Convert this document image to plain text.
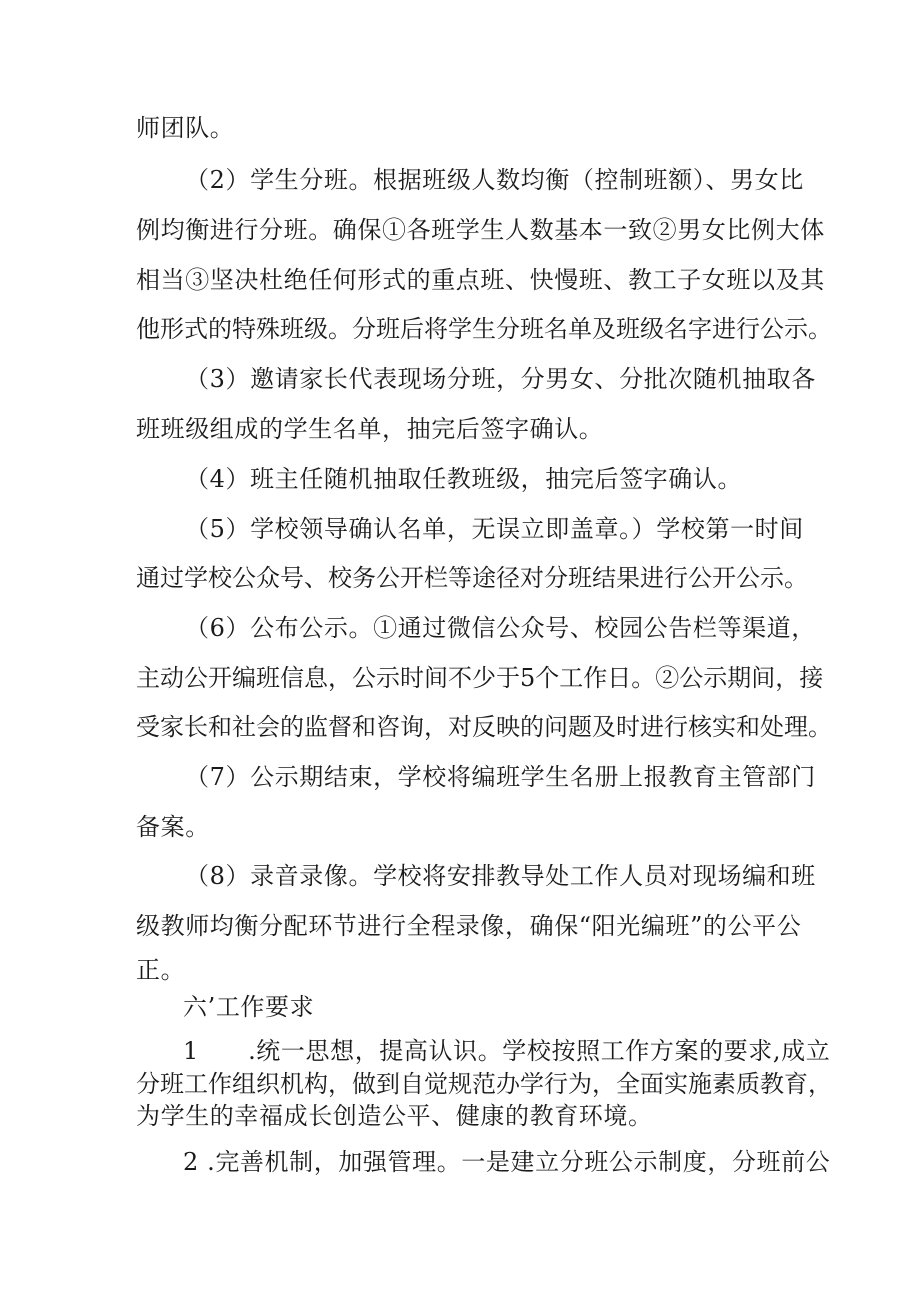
师团队。
（2）学生分班。根据班级人数均衡（控制班额）、男女比
例均衡进行分班。确保①各班学生人数基本一致②男女比例大体
相当③坚决杜绝任何形式的重点班、快慢班、教工子女班以及其
他形式的特殊班级。分班后将学生分班名单及班级名字进行公示。
（3）邀请家长代表现场分班，分男女、分批次随机抽取各
班班级组成的学生名单，抽完后签字确认。
（4）班主任随机抽取任教班级，抽完后签字确认。
（5）学校领导确认名单，无误立即盖章。）学校第一时间
通过学校公众号、校务公开栏等途径对分班结果进行公开公示。
（6）公布公示。①通过微信公众号、校园公告栏等渠道，
主动公开编班信息，公示时间不少于5个工作日。②公示期间，接
受家长和社会的监督和咨询，对反映的问题及时进行核实和处理。
（7）公示期结束，学校将编班学生名册上报教育主管部门
备案。
（8）录音录像。学校将安排教导处工作人员对现场编和班
级教师均衡分配环节进行全程录像，确保“阳光编班”的公平公
正。
六’工作要求
1　　.统一思想，提高认识。学校按照工作方案的要求,成立
分班工作组织机构，做到自觉规范办学行为，全面实施素质教育，
为学生的幸福成长创造公平、健康的教育环境。
2 .完善机制，加强管理。一是建立分班公示制度，分班前公
